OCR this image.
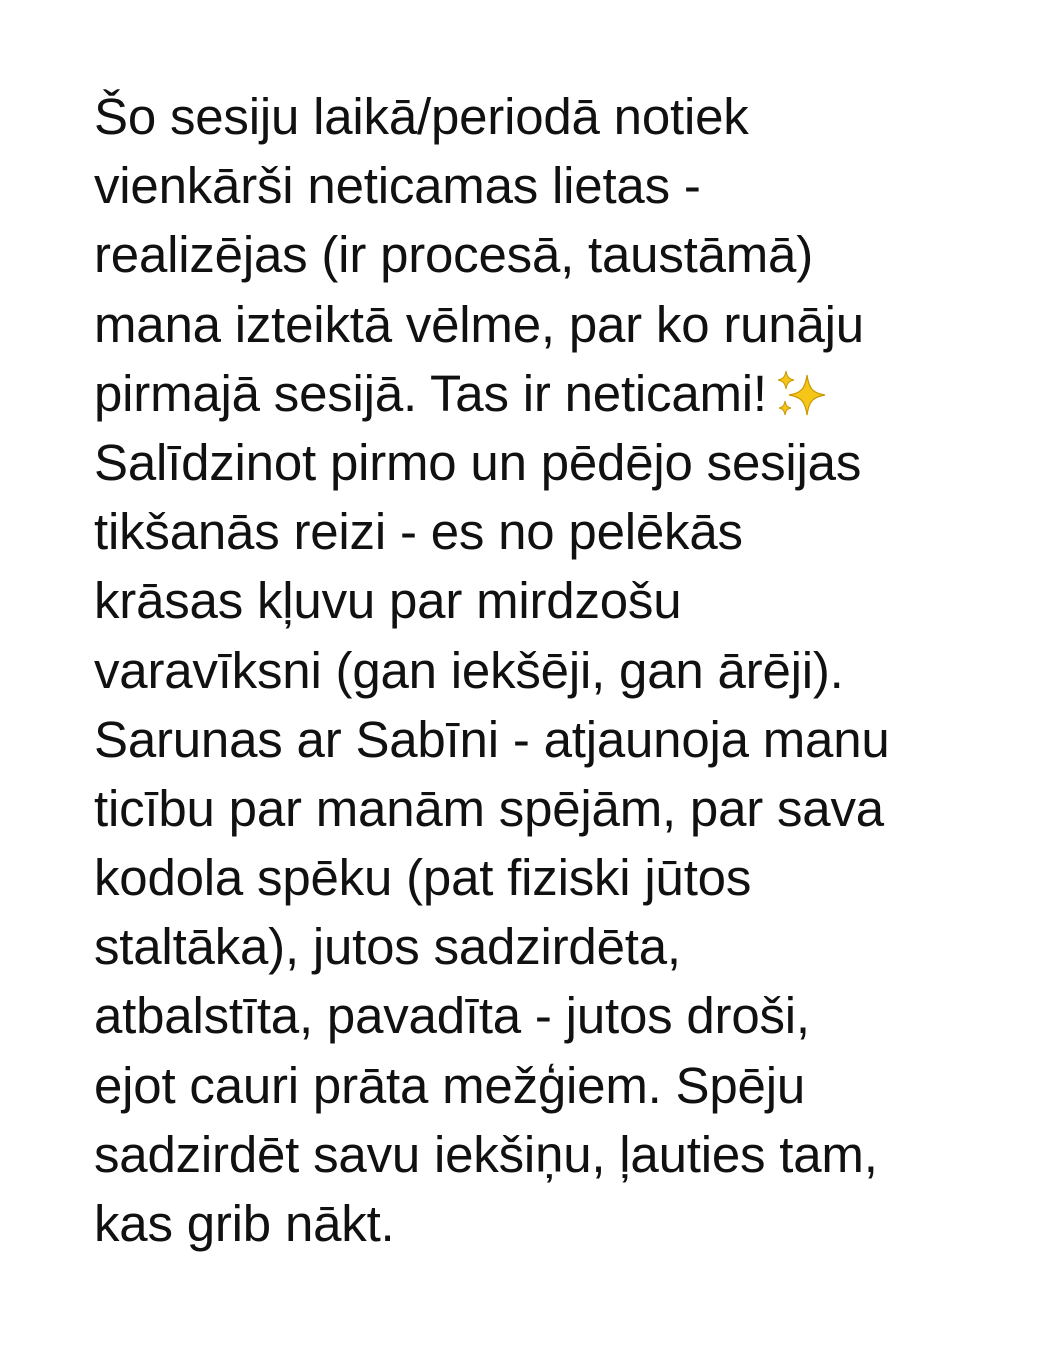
Šo sesiju laikā/periodā notiek
vienkārši neticamas lietas -
realizējas (ir procesā, taustāmā)
mana izteiktā vēlme, par ko runāju
pirmajā sesijā. Tas ir neticami!
Salīdzinot pirmo un pēdējo sesijas
tikšanās reizi - es no pelēkās
krāsas kļuvu par mirdzošu
varavīksni (gan iekšēji, gan ārēji).
Sarunas ar Sabīni - atjaunoja manu
ticību par manām spējām, par sava
kodola spēku (pat fiziski jūtos
staltāka), jutos sadzirdēta,
atbalstīta, pavadīta - jutos droši,
ejot cauri prāta mežģiem. Spēju
sadzirdēt savu iekšiņu, ļauties tam,
kas grib nākt.
